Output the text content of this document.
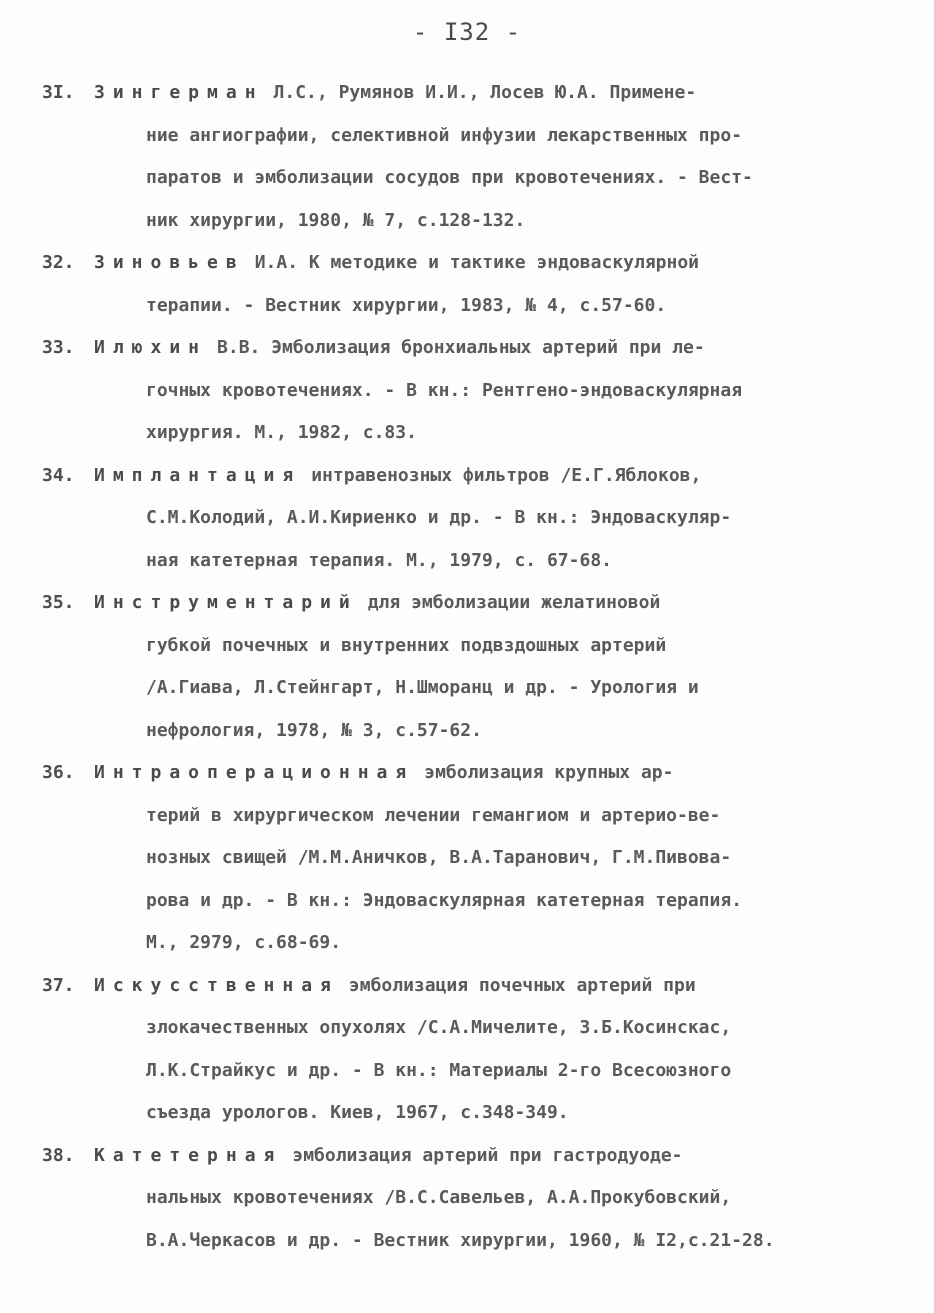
- I32 -
3I. Зингерман Л.С., Румянов И.И., Лосев Ю.А. Примене-
ние ангиографии, селективной инфузии лекарственных про-
паратов и эмболизации сосудов при кровотечениях. - Вест-
ник хирургии, 1980, № 7, с.128-132.
32. Зиновьев И.А. К методике и тактике эндоваскулярной
терапии. - Вестник хирургии, 1983, № 4, с.57-60.
33. Илюхин В.В. Эмболизация бронхиальных артерий при ле-
гочных кровотечениях. - В кн.: Рентгено-эндоваскулярная
хирургия. М., 1982, с.83.
34. Имплантация интравенозных фильтров /Е.Г.Яблоков,
С.М.Колодий, А.И.Кириенко и др. - В кн.: Эндоваскуляр-
ная катетерная терапия. М., 1979, с. 67-68.
35. Инструментарий для эмболизации желатиновой
губкой почечных и внутренних подвздошных артерий
/А.Гиава, Л.Стейнгарт, Н.Шморанц и др. - Урология и
нефрология, 1978, № 3, с.57-62.
36. Интраоперационная эмболизация крупных ар-
терий в хирургическом лечении гемангиом и артерио-ве-
нозных свищей /М.М.Аничков, В.А.Таранович, Г.М.Пивова-
рова и др. - В кн.: Эндоваскулярная катетерная терапия.
М., 2979, с.68-69.
37. Искусственная эмболизация почечных артерий при
злокачественных опухолях /С.А.Мичелите, З.Б.Косинскас,
Л.К.Страйкус и др. - В кн.: Материалы 2-го Всесоюзного
съезда урологов. Киев, 1967, с.348-349.
38. Катетерная эмболизация артерий при гастродуоде-
нальных кровотечениях /В.С.Савельев, А.А.Прокубовский,
В.А.Черкасов и др. - Вестник хирургии, 1960, № I2,с.21-28.
